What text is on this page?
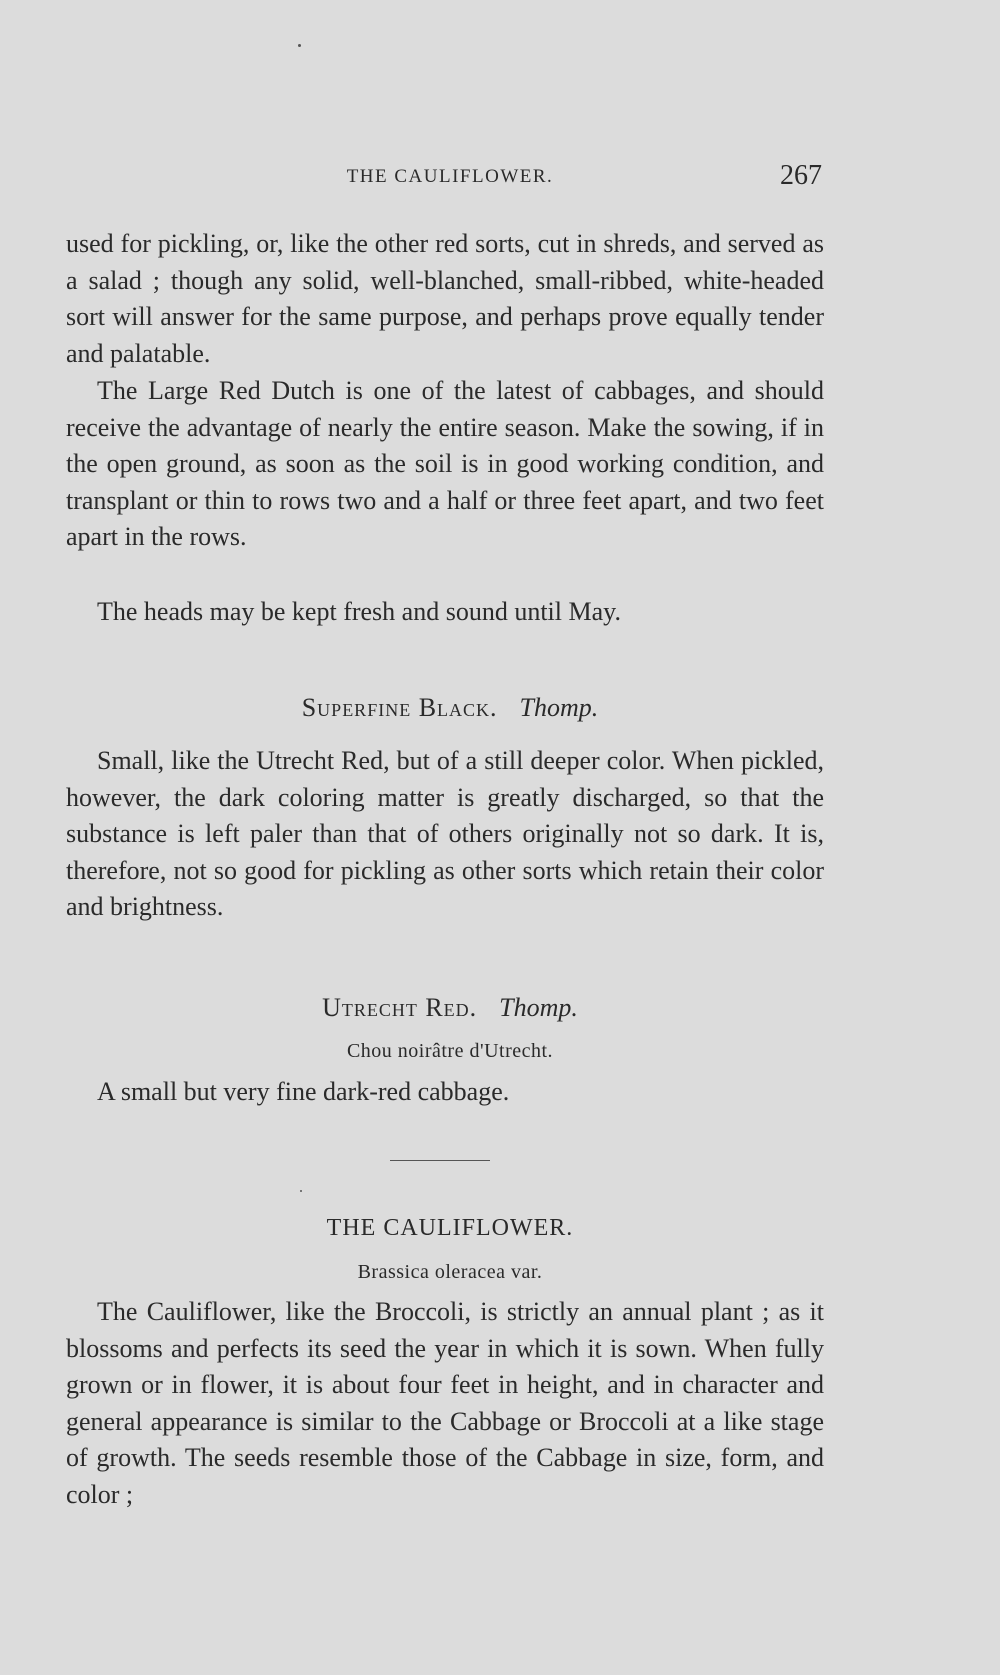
THE CAULIFLOWER.	267

used for pickling, or, like the other red sorts, cut in shreds, and served as a salad ; though any solid, well-blanched, small-ribbed, white-headed sort will answer for the same purpose, and perhaps prove equally tender and palatable.

The Large Red Dutch is one of the latest of cabbages, and should receive the advantage of nearly the entire season. Make the sowing, if in the open ground, as soon as the soil is in good working condition, and transplant or thin to rows two and a half or three feet apart, and two feet apart in the rows.

The heads may be kept fresh and sound until May.

Superfine Black. Thomp.

Small, like the Utrecht Red, but of a still deeper color. When pickled, however, the dark coloring matter is greatly discharged, so that the substance is left paler than that of others originally not so dark. It is, therefore, not so good for pickling as other sorts which retain their color and brightness.

Utrecht Red. Thomp.

Chou noirâtre d'Utrecht.

A small but very fine dark-red cabbage.

THE CAULIFLOWER.

Brassica oleracea var.

The Cauliflower, like the Broccoli, is strictly an annual plant ; as it blossoms and perfects its seed the year in which it is sown. When fully grown or in flower, it is about four feet in height, and in character and general appearance is similar to the Cabbage or Broccoli at a like stage of growth. The seeds resemble those of the Cabbage in size, form, and color ;
